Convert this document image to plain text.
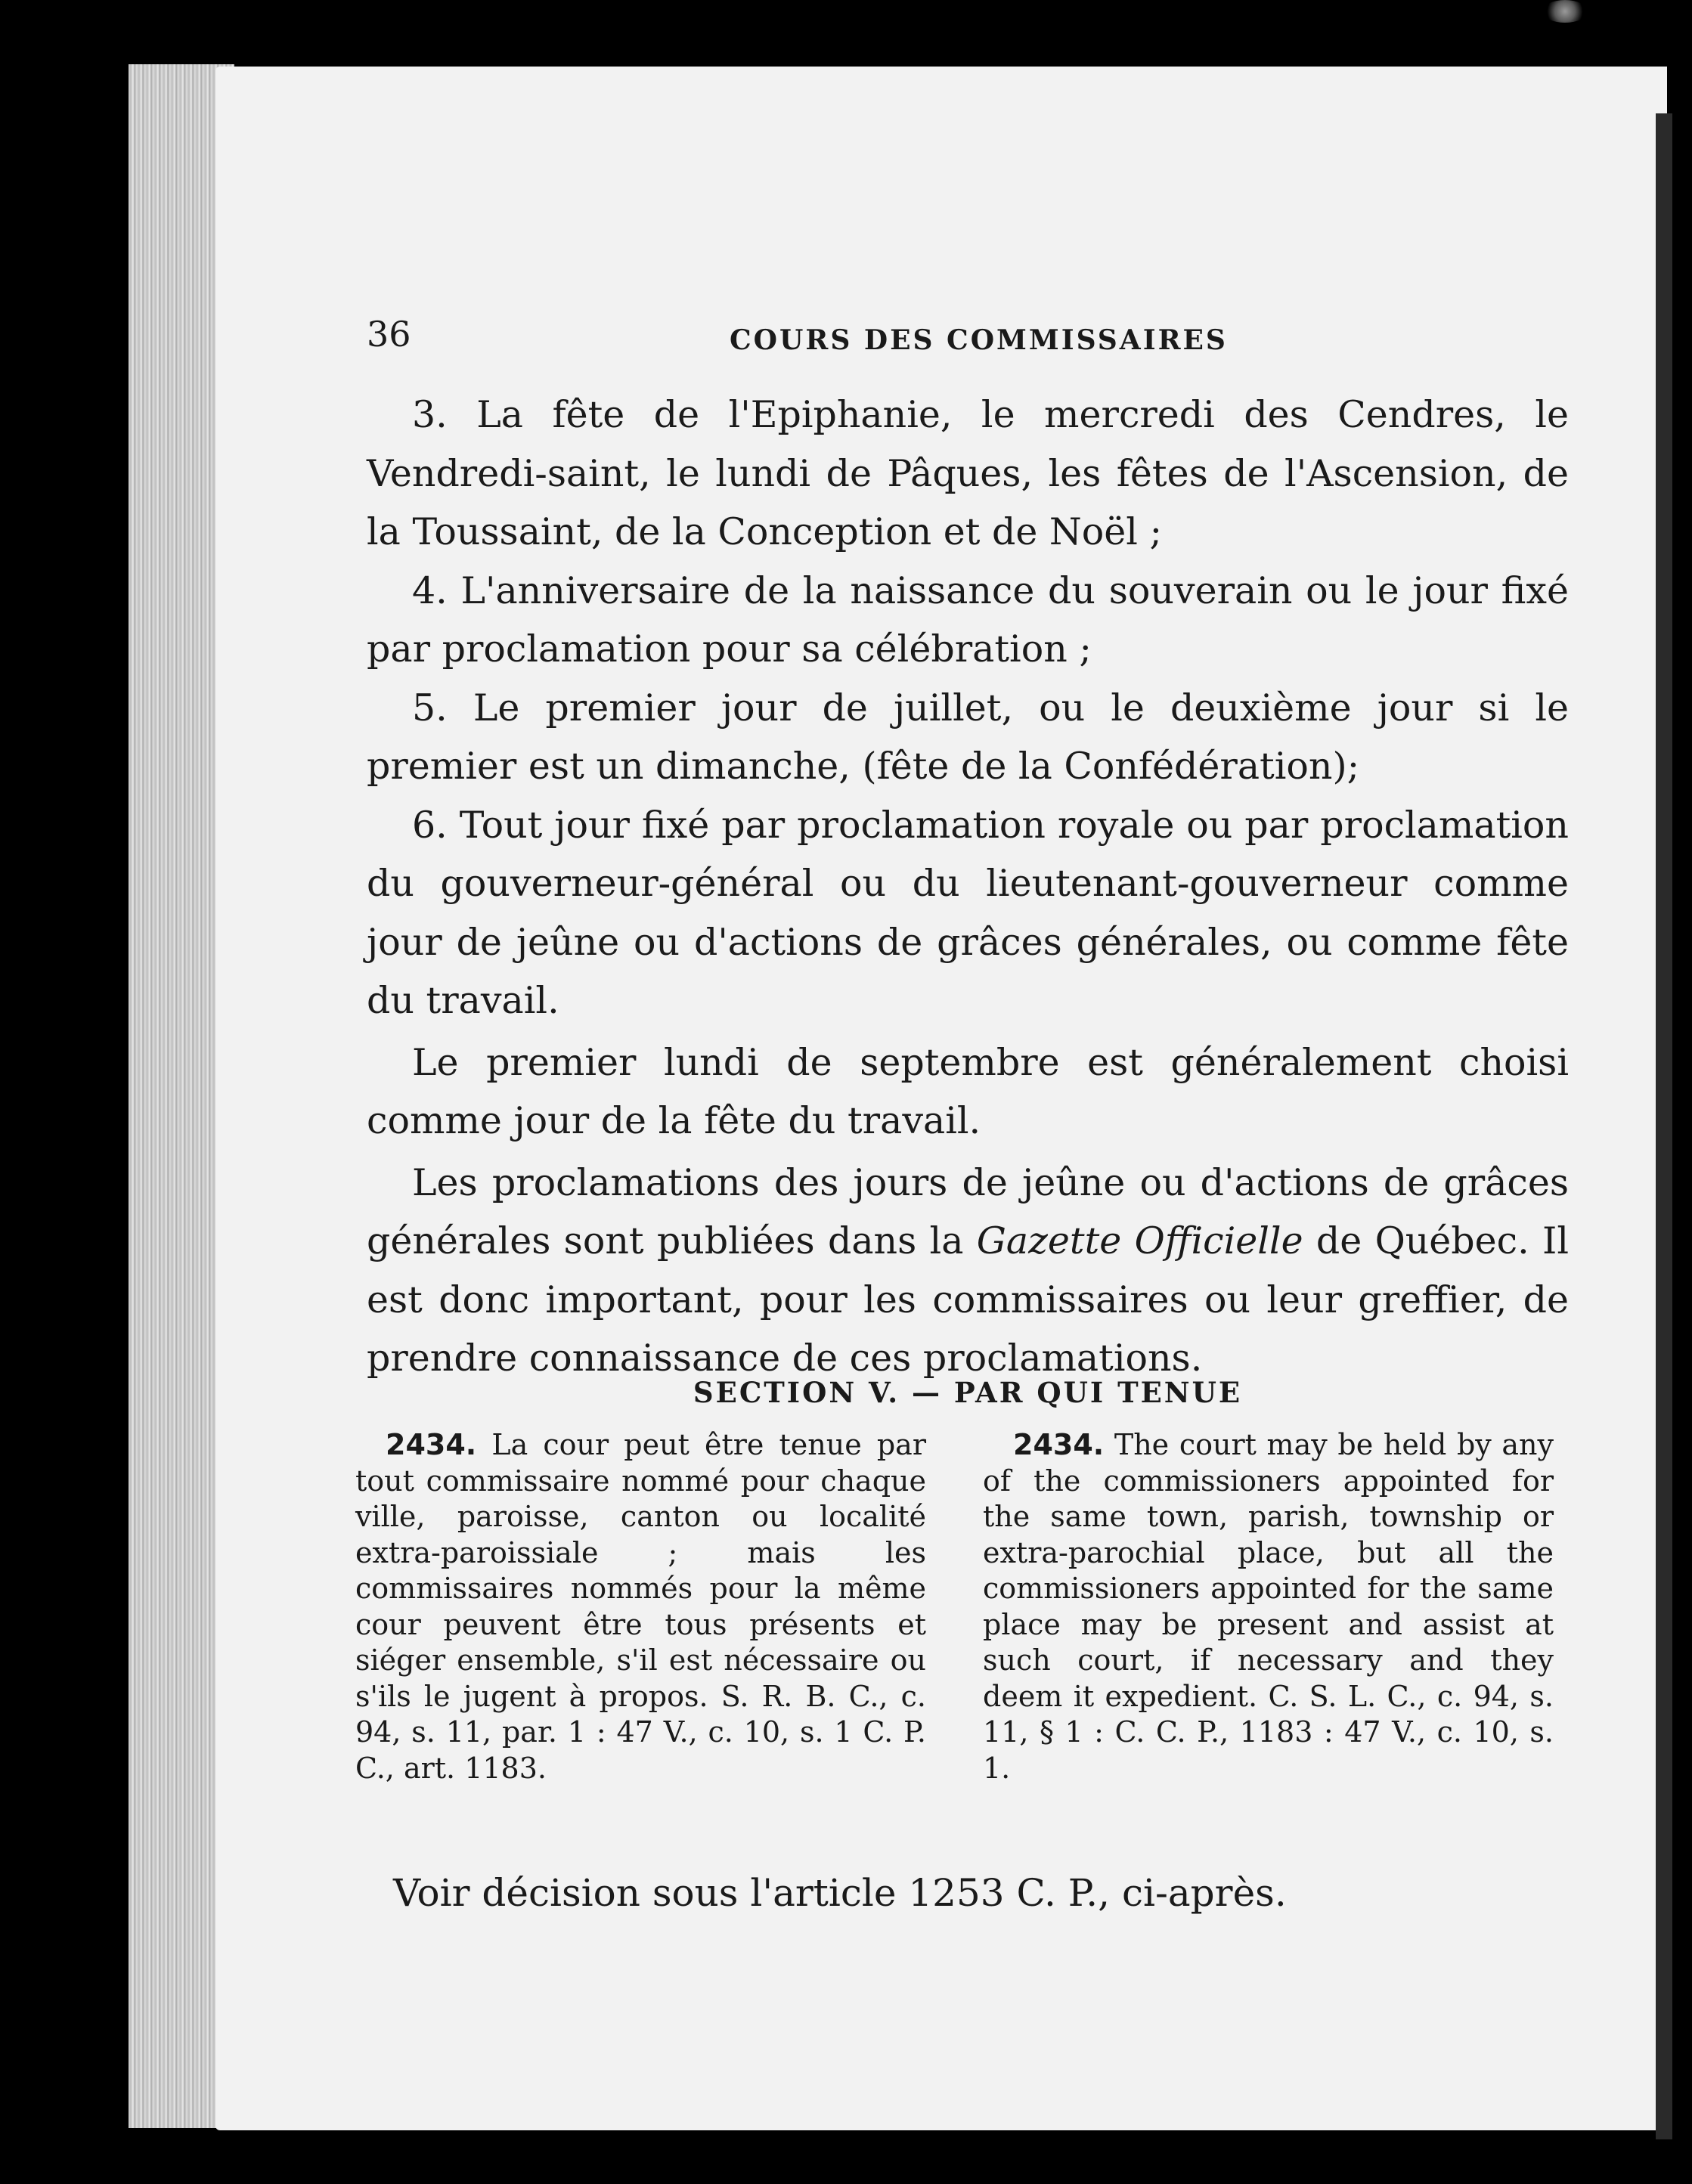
36	COURS DES COMMISSAIRES

3. La fête de l'Epiphanie, le mercredi des Cendres, le Vendredi-saint, le lundi de Pâques, les fêtes de l'Ascension, de la Toussaint, de la Conception et de Noël ;

4. L'anniversaire de la naissance du souverain ou le jour fixé par proclamation pour sa célébration ;

5. Le premier jour de juillet, ou le deuxième jour si le premier est un dimanche, (fête de la Confédération);

6. Tout jour fixé par proclamation royale ou par proclamation du gouverneur-général ou du lieutenant-gouverneur comme jour de jeûne ou d'actions de grâces générales, ou comme fête du travail.

Le premier lundi de septembre est généralement choisi comme jour de la fête du travail.

Les proclamations des jours de jeûne ou d'actions de grâces générales sont publiées dans la Gazette Officielle de Québec. Il est donc important, pour les commissaires ou leur greffier, de prendre connaissance de ces proclamations.

SECTION V. — PAR QUI TENUE

2434. La cour peut être tenue par tout commissaire nommé pour chaque ville, paroisse, canton ou localité extra-paroissiale ; mais les commissaires nommés pour la même cour peuvent être tous présents et siéger ensemble, s'il est nécessaire ou s'ils le jugent à propos. S. R. B. C., c. 94, s. 11, par. 1 : 47 V., c. 10, s. 1 C. P. C., art. 1183.

2434. The court may be held by any of the commissioners appointed for the same town, parish, township or extra-parochial place, but all the commissioners appointed for the same place may be present and assist at such court, if necessary and they deem it expedient. C. S. L. C., c. 94, s. 11, § 1 : C. C. P., 1183 : 47 V., c. 10, s. 1.

Voir décision sous l'article 1253 C. P., ci-après.
